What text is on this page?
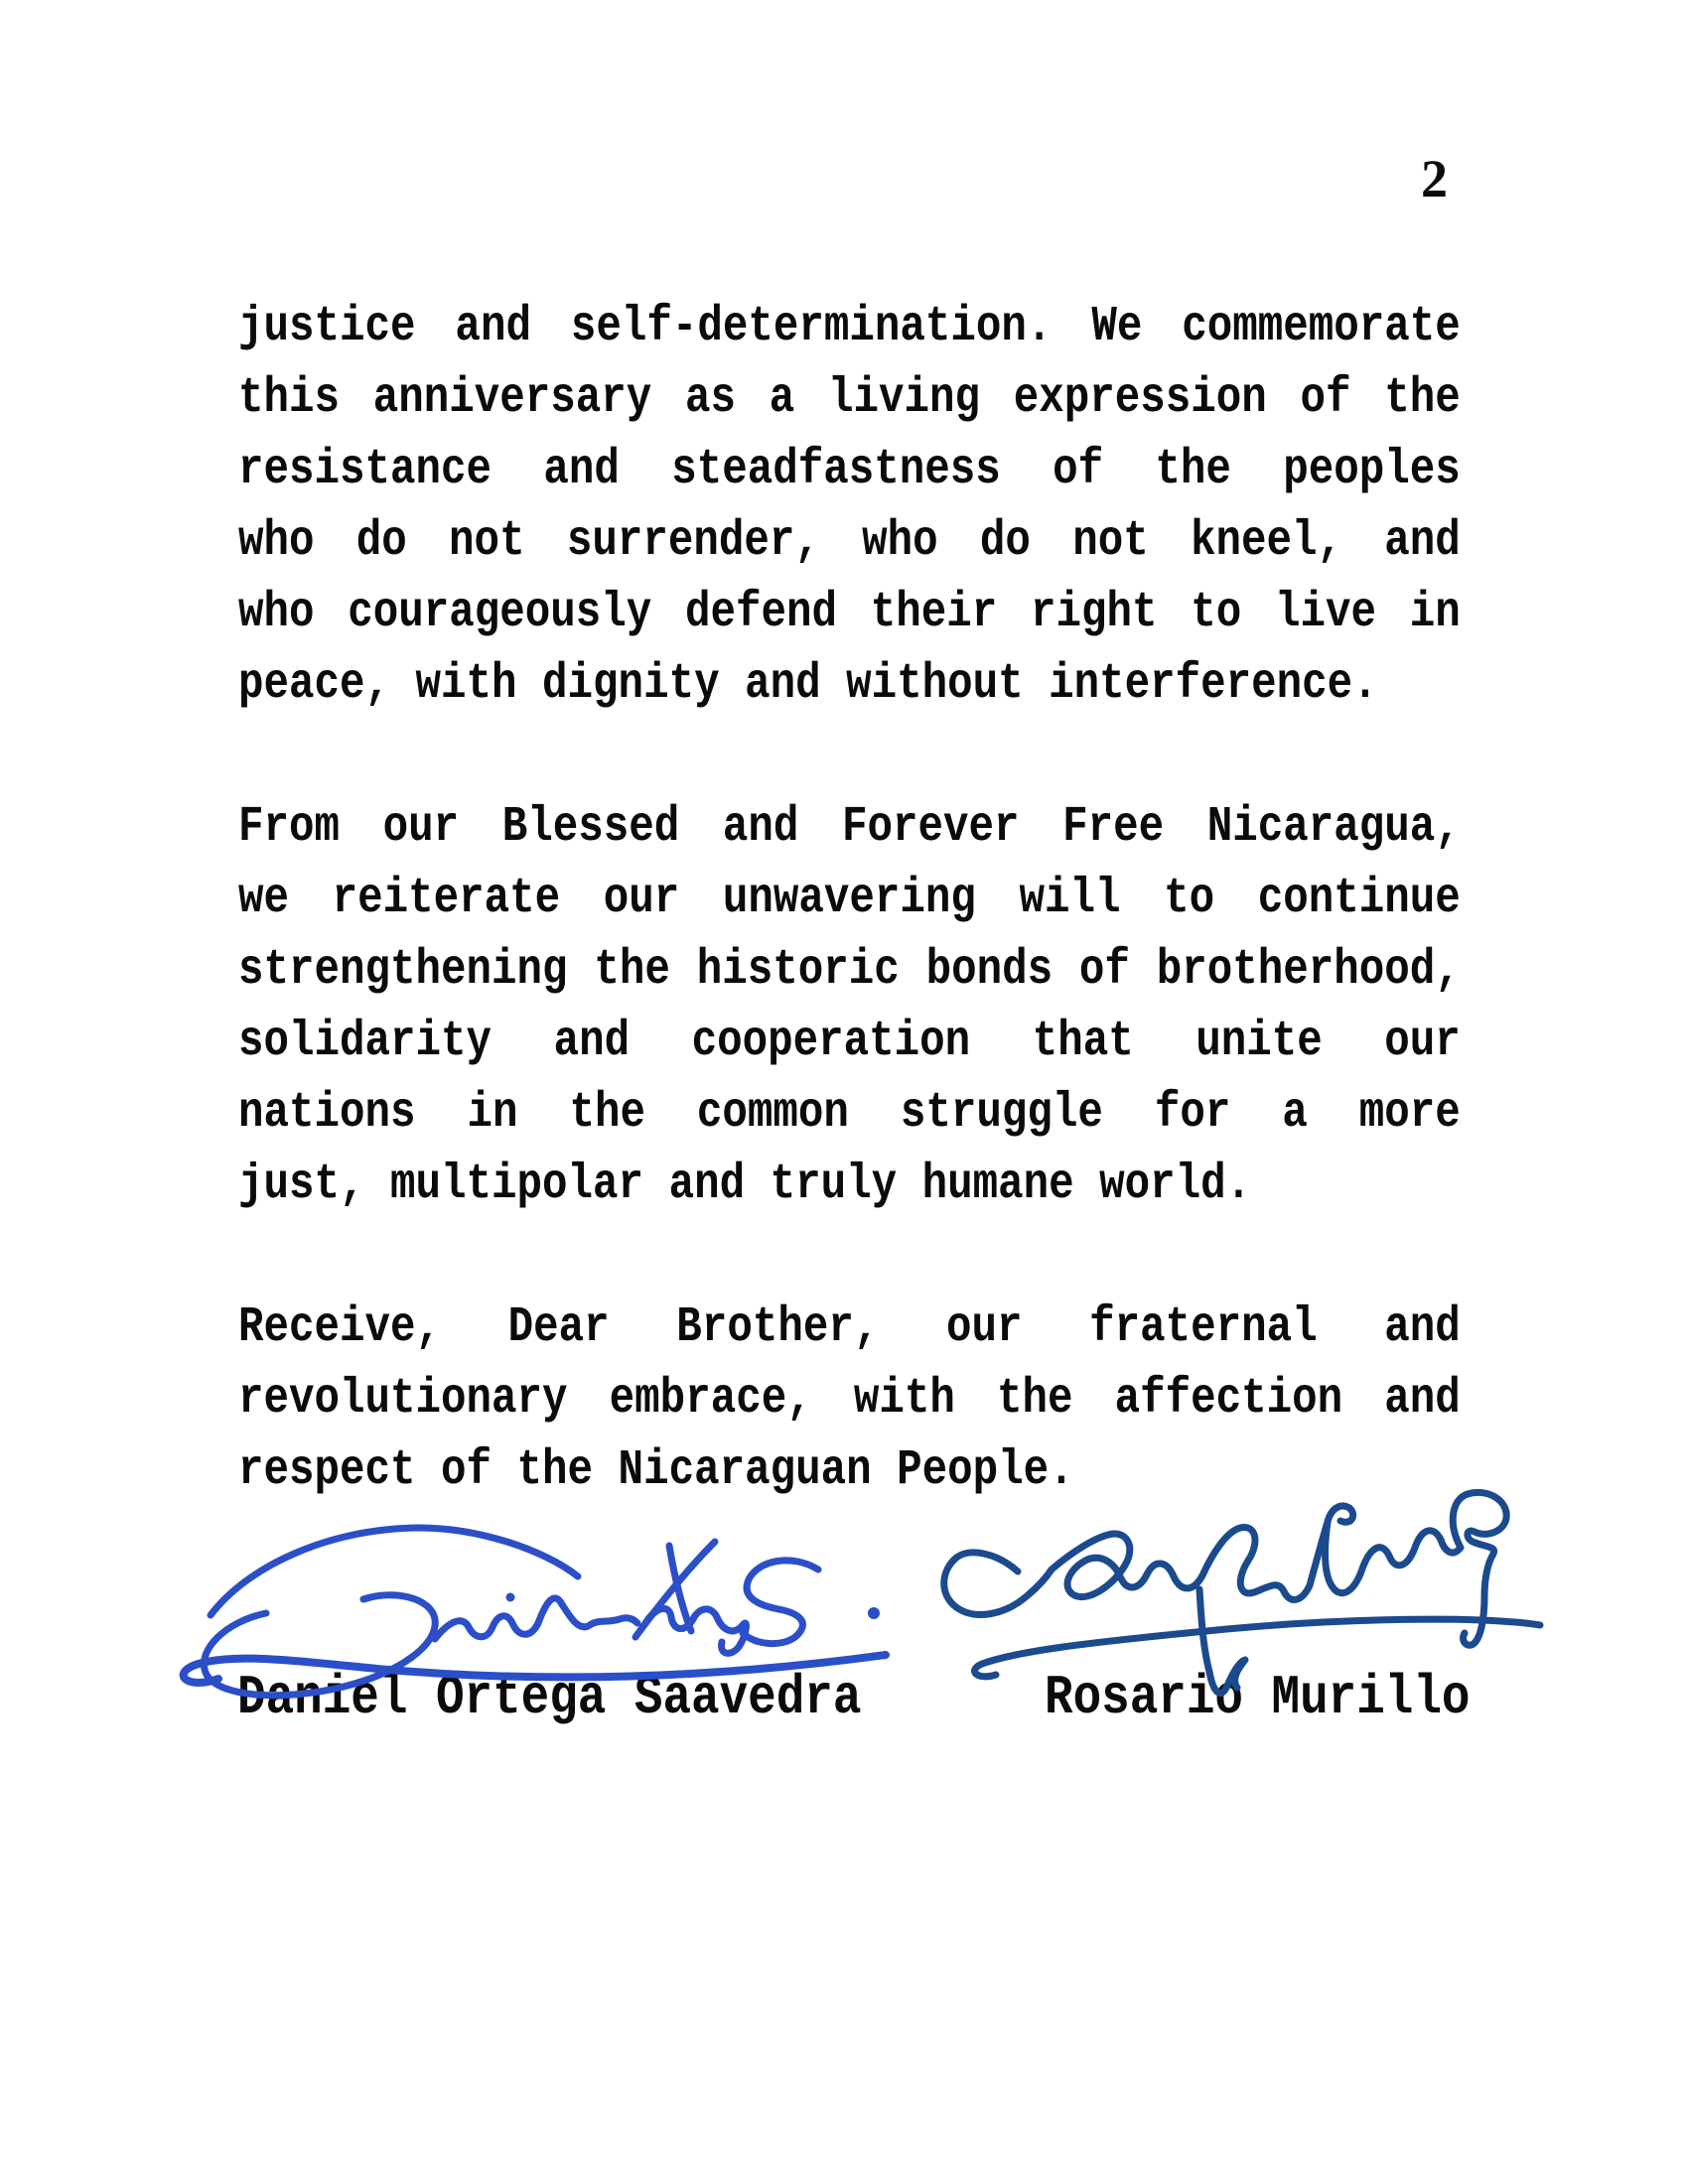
2
justice and self-determination. We commemorate
this anniversary as a living expression of the
resistance and steadfastness of the peoples
who do not surrender, who do not kneel, and
who courageously defend their right to live in
peace, with dignity and without interference.
From our Blessed and Forever Free Nicaragua,
we reiterate our unwavering will to continue
strengthening the historic bonds of brotherhood,
solidarity and cooperation that unite our
nations in the common struggle for a more
just, multipolar and truly humane world.
Receive, Dear Brother, our fraternal and
revolutionary embrace, with the affection and
respect of the Nicaraguan People.
Daniel Ortega Saavedra	Rosario Murillo
